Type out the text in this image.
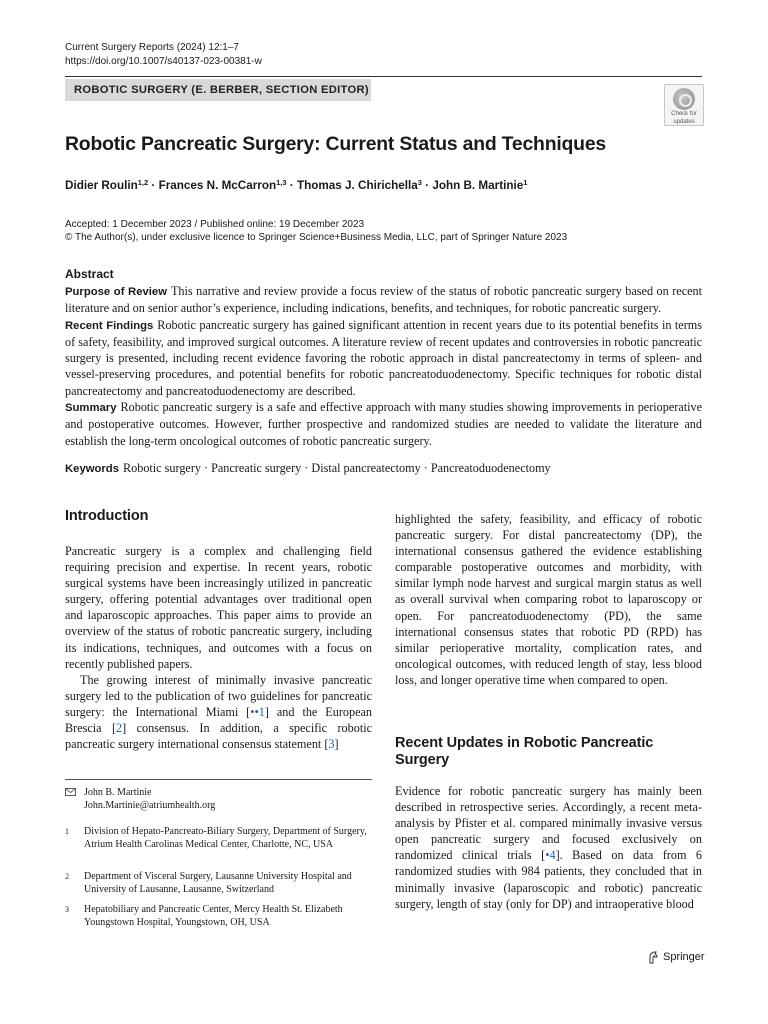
Current Surgery Reports (2024) 12:1–7
https://doi.org/10.1007/s40137-023-00381-w
ROBOTIC SURGERY (E. BERBER, SECTION EDITOR)
Check for
updates
Robotic Pancreatic Surgery: Current Status and Techniques
Didier Roulin$^{1,2}$ · Frances N. McCarron$^{1,3}$ · Thomas J. Chirichella$^3$ · John B. Martinie$^1$
Accepted: 1 December 2023 / Published online: 19 December 2023
© The Author(s), under exclusive licence to Springer Science+Business Media, LLC, part of Springer Nature 2023
Abstract

Purpose of Review This narrative and review provide a focus review of the status of robotic pancreatic surgery based on recent literature and on senior author’s experience, including indications, benefits, and techniques, for robotic pancreatic surgery.

Recent Findings Robotic pancreatic surgery has gained significant attention in recent years due to its potential benefits in terms of safety, feasibility, and improved surgical outcomes. A literature review of recent updates and controversies in robotic pancreatic surgery is presented, including recent evidence favoring the robotic approach in distal pancreatectomy in terms of spleen- and vessel-preserving procedures, and potential benefits for robotic pancreatoduodenectomy. Specific techniques for robotic distal pancreatectomy and pancreatoduodenectomy are described.

Summary Robotic pancreatic surgery is a safe and effective approach with many studies showing improvements in perioperative and postoperative outcomes. However, further prospective and randomized studies are needed to validate the literature and establish the long-term oncological outcomes of robotic pancreatic surgery.

Keywords Robotic surgery · Pancreatic surgery · Distal pancreatectomy · Pancreatoduodenectomy
Introduction

Pancreatic surgery is a complex and challenging field requiring precision and expertise. In recent years, robotic surgical systems have been increasingly utilized in pancreatic surgery, offering potential advantages over traditional open and laparoscopic approaches. This paper aims to provide an overview of the status of robotic pancreatic surgery, including its indications, techniques, and outcomes with a focus on recently published papers.

The growing interest of minimally invasive pancreatic surgery led to the publication of two guidelines for pancreatic surgery: the International Miami [••1] and the European Brescia [2] consensus. In addition, a specific robotic pancreatic surgery international consensus statement [3]

John B. Martinie
John.Martinie@atriumhealth.org
1 Division of Hepato-Pancreato-Biliary Surgery, Department of Surgery, Atrium Health Carolinas Medical Center, Charlotte, NC, USA
2 Department of Visceral Surgery, Lausanne University Hospital and University of Lausanne, Lausanne, Switzerland
3 Hepatobiliary and Pancreatic Center, Mercy Health St. Elizabeth Youngstown Hospital, Youngstown, OH, USA

highlighted the safety, feasibility, and efficacy of robotic pancreatic surgery. For distal pancreatectomy (DP), the international consensus gathered the evidence establishing comparable postoperative outcomes and morbidity, with similar lymph node harvest and surgical margin status as well as overall survival when comparing robot to laparoscopy or open. For pancreatoduodenectomy (PD), the same international consensus states that robotic PD (RPD) has similar perioperative mortality, complication rates, and oncological outcomes, with reduced length of stay, less blood loss, and longer operative time when compared to open.

Recent Updates in Robotic Pancreatic
Surgery

Evidence for robotic pancreatic surgery has mainly been described in retrospective series. Accordingly, a recent meta-analysis by Pfister et al. compared minimally invasive versus open pancreatic surgery and focused exclusively on randomized clinical trials [•4]. Based on data from 6 randomized studies with 984 patients, they concluded that in minimally invasive (laparoscopic and robotic) pancreatic surgery, length of stay (only for DP) and intraoperative blood

Springer
